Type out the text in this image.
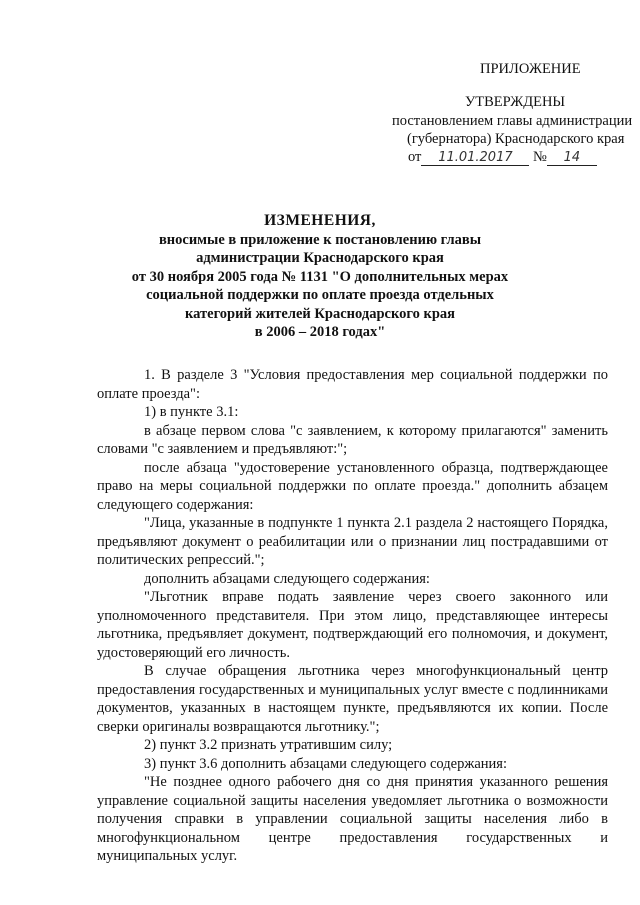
ПРИЛОЖЕНИЕ
УТВЕРЖДЕНЫ
постановлением главы администрации
(губернатора) Краснодарского края
от 11.01.2017 № 14
ИЗМЕНЕНИЯ,
вносимые в приложение к постановлению главы
администрации Краснодарского края
от 30 ноября 2005 года № 1131 "О дополнительных мерах
социальной поддержки по оплате проезда отдельных
категорий жителей Краснодарского края
в 2006 – 2018 годах"

1. В разделе 3 "Условия предоставления мер социальной поддержки по оплате проезда":

1) в пункте 3.1:

в абзаце первом слова "с заявлением, к которому прилагаются" заменить словами "с заявлением и предъявляют:";

после абзаца "удостоверение установленного образца, подтверждающее право на меры социальной поддержки по оплате проезда." дополнить абзацем следующего содержания:

"Лица, указанные в подпункте 1 пункта 2.1 раздела 2 настоящего Порядка, предъявляют документ о реабилитации или о признании лиц пострадавшими от политических репрессий.";

дополнить абзацами следующего содержания:

"Льготник вправе подать заявление через своего законного или уполномоченного представителя. При этом лицо, представляющее интересы льготника, предъявляет документ, подтверждающий его полномочия, и документ, удостоверяющий его личность.

В случае обращения льготника через многофункциональный центр предоставления государственных и муниципальных услуг вместе с подлинниками документов, указанных в настоящем пункте, предъявляются их копии. После сверки оригиналы возвращаются льготнику.";

2) пункт 3.2 признать утратившим силу;

3) пункт 3.6 дополнить абзацами следующего содержания:

"Не позднее одного рабочего дня со дня принятия указанного решения управление социальной защиты населения уведомляет льготника о возможности получения справки в управлении социальной защиты населения либо в многофункциональном центре предоставления государственных и муниципальных услуг.
